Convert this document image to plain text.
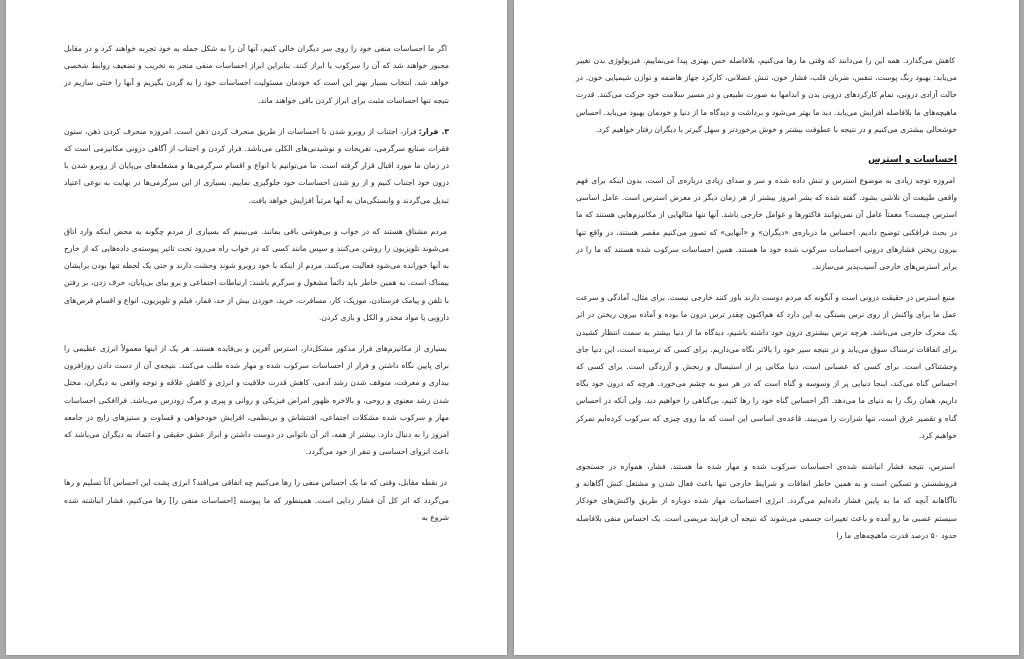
اگر ما احساسات منفی خود را روی سر دیگران خالی کنیم، آنها آن را به شکل حمله به خود تجربه خواهند کرد و در مقابل مجبور خواهند شد که آن را سرکوب یا ابراز کنند. بنابراین ابراز احساسات منفی منجر به تخریب و تضعیف روابط شخصی خواهد شد. انتخاب بسیار بهتر این است که خودمان مسئولیت احساسات خود را به گردن بگیریم و آنها را خنثی سازیم در نتیجه تنها احساسات مثبت برای ابراز کردن باقی خواهند ماند.

۳. فرار:فرار، اجتناب از روبرو شدن با احساسات از طریق منحرف کردن ذهن است. امروزه منحرف کردن ذهن، ستون فقرات صنایع سرگرمی، تفریحات و نوشیدنی‌های الکلی می‌باشد. فرار کردن و اجتناب از آگاهی درونی مکانیزمی است که در زمان ما مورد اقبال قرار گرفته است. ما می‌توانیم با انواع و اقسام سرگرمی‌ها و مشغله‌های بی‌پایان از روبرو شدن با درون خود اجتناب کنیم و از رو شدن احساسات خود جلوگیری نماییم. بسیاری از این سرگرمی‌ها در نهایت به نوعی اعتیاد تبدیل می‌گردند و وابستگی‌مان به آنها مرتباً افزایش خواهد یافت.

مردم مشتاق هستند که در خواب و بی‌هوشی باقی بمانند. می‌بینیم که بسیاری از مردم چگونه به محض اینکه وارد اتاق می‌شوند تلویزیون را روشن می‌کنند و سپس مانند کسی که در خواب راه می‌رود تحت تاثیر پیوسته‌ی داده‌هایی که از خارج به آنها خورانده می‌شود فعالیت می‌کنند. مردم از اینکه با خود روبرو شوند وحشت دارند و حتی یک لحظه تنها بودن برایشان بیمناک است. به همین خاطر باید دائماً مشغول و سرگرم باشند: ارتباطات اجتماعی و برو بیای بی‌پایان، حرف زدن، بر رفتن با تلفن و پیامک فرستادن، موزیک، کار، مسافرت، خرید، خوردن بیش از حد، قمار، فیلم و تلویزیون، انواع و اقسام قرص‌های دارویی یا مواد مخدر و الکل و بازی کردن.

بسیاری از مکانیزم‌های فرار مذکور مشکل‌دار، استرس آفرین و بی‌فایده هستند. هر یک از اینها معمولاً انرژی عظیمی را برای پایین نگاه داشتن و فرار از احساسات سرکوب شده و مهار شده طلب می‌کنند. نتیجه‌ی آن از دست دادن روزافزون بیداری و معرفت، متوقف شدن رشد آدمی، کاهش قدرت خلاقیت و انرژی و کاهش علاقه و توجه واقعی به دیگران، مختل شدن رشد معنوی و روحی، و بالاخره ظهور امراض فیزیکی و روانی و پیری و مرگ زودرس می‌باشد. فراافکنی احساسات مهار و سرکوب شده مشکلات اجتماعی، افتتشاش و بی‌نظمی، افزایش خودخواهی و قساوت و ستیزهای رایج در جامعه امروز را به دنبال دارد. بیشتر از همه، اثر آن ناتوانی در دوست داشتن و ابراز عشق حقیقی و اعتماد به دیگران می‌باشد که باعث انزوای احساسی و تنفر از خود می‌گردد.

در نقطه مقابل، وقتی که ما یک احساس منفی را رها می‌کنیم چه اتفاقی می‌افتد؟ انرژی پشت این احساس آناً تسلیم و رها می‌گردد که اثر کل آن فشار زدایی است. همینطور که ما پیوسته [احساسات منفی را] رها می‌کنیم، فشار انباشته شده شروع به

کاهش می‌گذارد. همه این را می‌دانند که وقتی ما رها می‌کنیم، بلافاصله حس بهتری پیدا می‌نماییم. فیزیولوژی بدن تغییر می‌یابد: بهبود رنگ پوست، تنفس، ضربان قلب، فشار خون، تنش عضلانی، کارکرد جهاز هاضمه و توازن شیمیایی خون. در حالت آزادی درونی، تمام کارکردهای درونی بدن و اندامها به صورت طبیعی و در مسیر سلامت خود حرکت می‌کنند. قدرت ماهیچه‌های ما بلافاصله افزایش می‌یابد. دید ما بهتر می‌شود و برداشت و دیدگاه ما از دنیا و خودمان بهبود می‌یابد. احساس خوشحالی بیشتری می‌کنیم و در نتیجه با عطوفت بیشتر و خوش برخوردتر و سهل گیرتر با دیگران رفتار خواهیم کرد.

احساسات و استرس

امروزه توجه زیادی به موضوع استرس و تنش داده شده و سر و صدای زیادی درباره‌ی آن است، بدون اینکه برای فهم واقعی طبیعت آن تلاشی بشود. گفته شده که بشر امروز بیشتر از هر زمان دیگر در معرض استرس است. عامل اساسی استرس چیست؟ معمتاً عامل آن نمی‌توانند فاکتورها و عوامل خارجی باشد. آنها تنها مثالهایی از مکانیزم‌هایی هستند که ما در بحث فرافکنی توضیح دادیم. احساس ما درباره‌ی «دیگران» و «آنهایی» که تصور می‌کنیم مقصر هستند، در واقع تنها بیرون ریختن فشارهای درونی احساسات سرکوب شده خود ما هستند. همین احساسات سرکوب شده هستند که ما را در برابر استرس‌های خارجی آسیب‌پذیر می‌سازند.

منبع استرس در حقیقت درونی است و آنگونه که مردم دوست دارند باور کنند خارجی نیست. برای مثال، آمادگی و سرعت عمل ما برای واکنش از روی ترس بستگی به این دارد که هم‌اکنون چقدر ترس درون ما بوده و آماده بیرون ریختن در اثر یک محرک خارجی می‌باشد. هرچه ترس بیشتری درون خود داشته باشیم، دیدگاه ما از دنیا بیشتر به سمت انتظار کشیدن برای اتفاقات ترسناک سوق می‌یابد و در نتیجه سیر خود را بالاتر نگاه می‌داریم. برای کسی که ترسیده است، این دنیا جای وحشتناکی است. برای کسی که عصبانی است، دنیا مکانی پر از استیصال و رنجش و آزردگی است. برای کسی که احساس گناه می‌کند، اینجا دنیایی پر از وسوسه و گناه است که در هر سو به چشم می‌خورد. هرچه که درون خود نگاه داریم، همان رنگ را به دنیای ما می‌دهد. اگر احساس گناه خود را رها کنیم، بی‌گناهی را خواهیم دید. ولی آنکه در احساس گناه و تقصیر غرق است، تنها شرارت را می‌بیند. قاعده‌ی اساسی این است که ما روی چیزی که سرکوب کرده‌ایم تمرکز خواهیم کرد.

استرس، نتیجه فشار انباشته شده‌ی احساسات سرکوب شده و مهار شده ما هستند. فشار، همواره در جستجوی فرونشستن و تسکین است و به همین خاطر اتفاقات و شرایط خارجی تنها باعث فعال شدن و مشتعل کنش آگاهانه و ناآگاهانه آنچه که ما به پایین فشار داده‌ایم می‌گردد. انرژی احساسات مهار شده دوباره از طریق واکنش‌های خودکار سیستم عصبی ما رو آمده و باعث تغییرات جسمی می‌شوند که نتیجه آن فرایند مریضی است. یک احساس منفی بلافاصله حدود ۵۰ درصد قدرت ماهیچه‌های ما را
